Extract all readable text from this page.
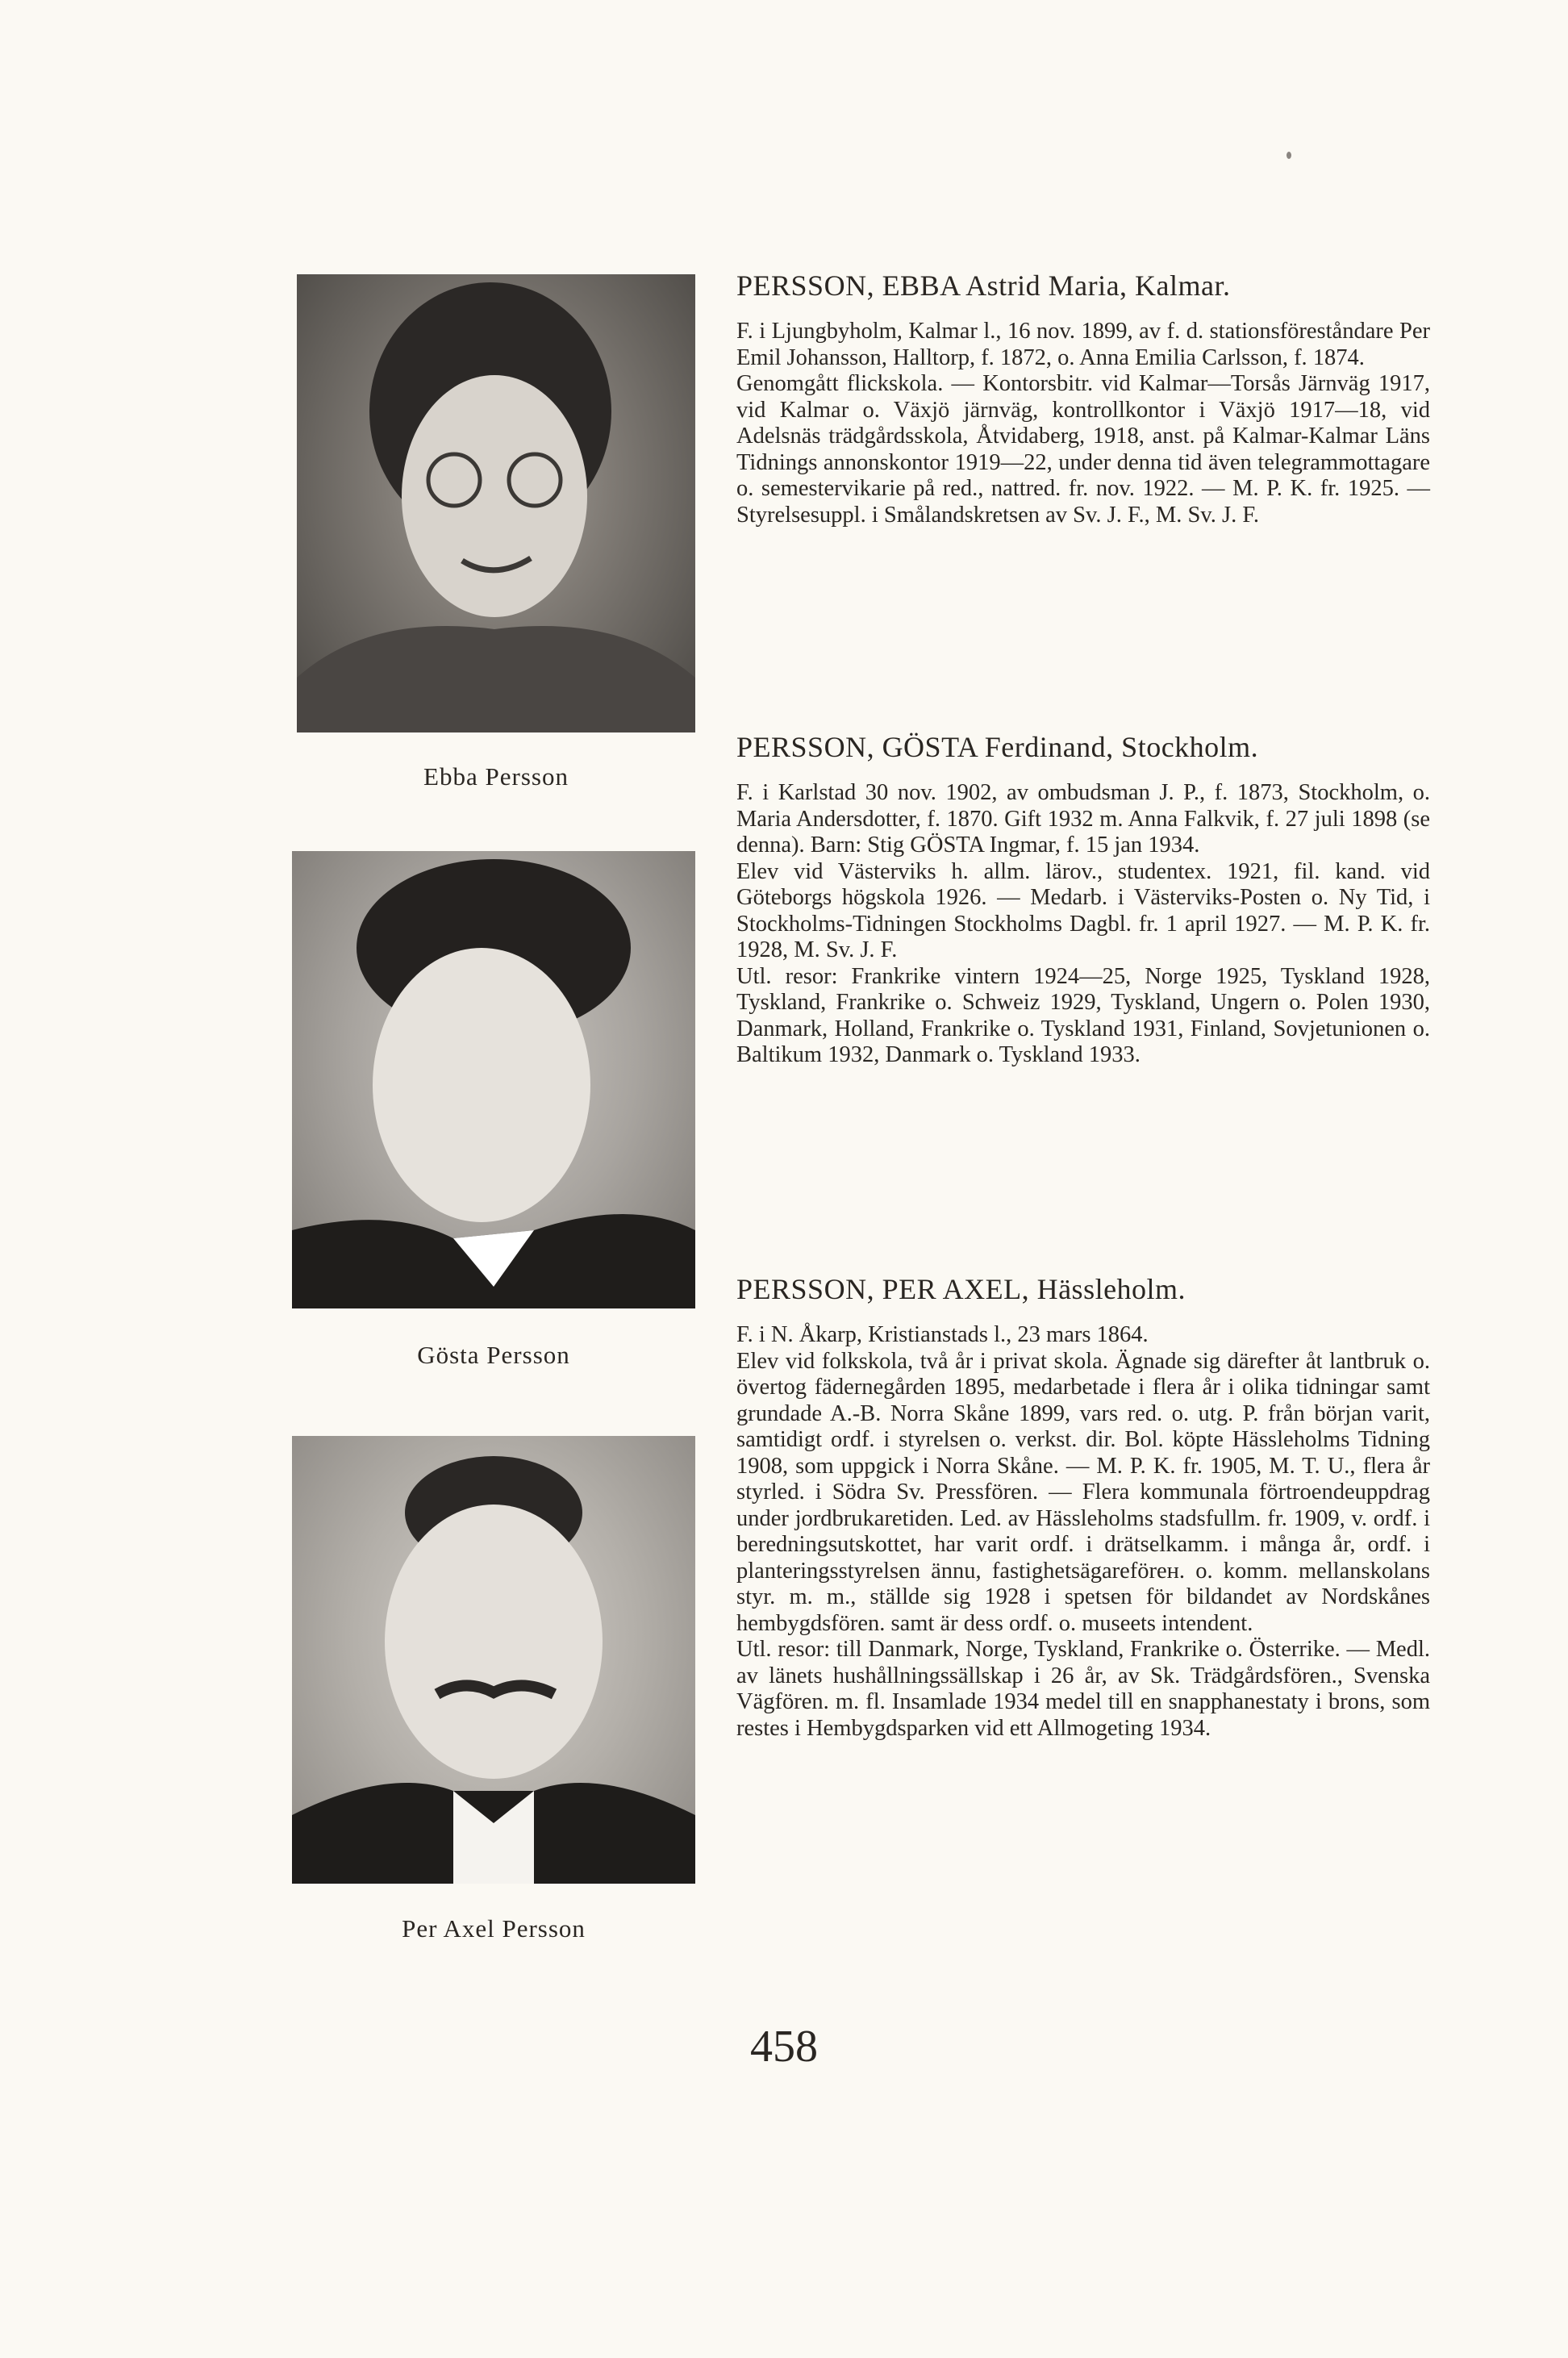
Ebba Persson
Gösta Persson
Per Axel Persson
PERSSON, EBBA Astrid Maria, Kalmar.

F. i Ljungbyholm, Kalmar l., 16 nov. 1899, av f. d. stationsföreståndare Per Emil Johansson, Halltorp, f. 1872, o. Anna Emilia Carlsson, f. 1874.

Genomgått flickskola. — Kontorsbitr. vid Kalmar—Torsås Järnväg 1917, vid Kalmar o. Växjö järnväg, kontrollkontor i Växjö 1917—18, vid Adelsnäs trädgårdsskola, Åtvidaberg, 1918, anst. på Kalmar-Kalmar Läns Tidnings annonskontor 1919—22, under denna tid även telegrammottagare o. semestervikarie på red., nattred. fr. nov. 1922. — M. P. K. fr. 1925. — Styrelsesuppl. i Smålandskretsen av Sv. J. F., M. Sv. J. F.

PERSSON, GÖSTA Ferdinand, Stockholm.

F. i Karlstad 30 nov. 1902, av ombudsman J. P., f. 1873, Stockholm, o. Maria Andersdotter, f. 1870. Gift 1932 m. Anna Falkvik, f. 27 juli 1898 (se denna). Barn: Stig GÖSTA Ingmar, f. 15 jan 1934.

Elev vid Västerviks h. allm. lärov., studentex. 1921, fil. kand. vid Göteborgs högskola 1926. — Medarb. i Västerviks-Posten o. Ny Tid, i Stockholms-Tidningen Stockholms Dagbl. fr. 1 april 1927. — M. P. K. fr. 1928, M. Sv. J. F.

Utl. resor: Frankrike vintern 1924—25, Norge 1925, Tyskland 1928, Tyskland, Frankrike o. Schweiz 1929, Tyskland, Ungern o. Polen 1930, Danmark, Holland, Frankrike o. Tyskland 1931, Finland, Sovjetunionen o. Baltikum 1932, Danmark o. Tyskland 1933.

PERSSON, PER AXEL, Hässleholm.

F. i N. Åkarp, Kristianstads l., 23 mars 1864.

Elev vid folkskola, två år i privat skola. Ägnade sig därefter åt lantbruk o. övertog fädernegården 1895, medarbetade i flera år i olika tidningar samt grundade A.-B. Norra Skåne 1899, vars red. o. utg. P. från början varit, samtidigt ordf. i styrelsen o. verkst. dir. Bol. köpte Hässleholms Tidning 1908, som uppgick i Norra Skåne. — M. P. K. fr. 1905, M. T. U., flera år styrled. i Södra Sv. Pressfören. — Flera kommunala förtroendeuppdrag under jordbrukaretiden. Led. av Hässleholms stadsfullm. fr. 1909, v. ordf. i beredningsutskottet, har varit ordf. i drätselkamm. i många år, ordf. i planteringsstyrelsen ännu, fastighetsägareförен. o. komm. mellanskolans styr. m. m., ställde sig 1928 i spetsen för bildandet av Nordskånes hembygdsfören. samt är dess ordf. o. museets intendent.

Utl. resor: till Danmark, Norge, Tyskland, Frankrike o. Österrike. — Medl. av länets hushållningssällskap i 26 år, av Sk. Trädgårdsfören., Svenska Vägfören. m. fl. Insamlade 1934 medel till en snapphanestaty i brons, som restes i Hembygdsparken vid ett Allmogeting 1934.

458
